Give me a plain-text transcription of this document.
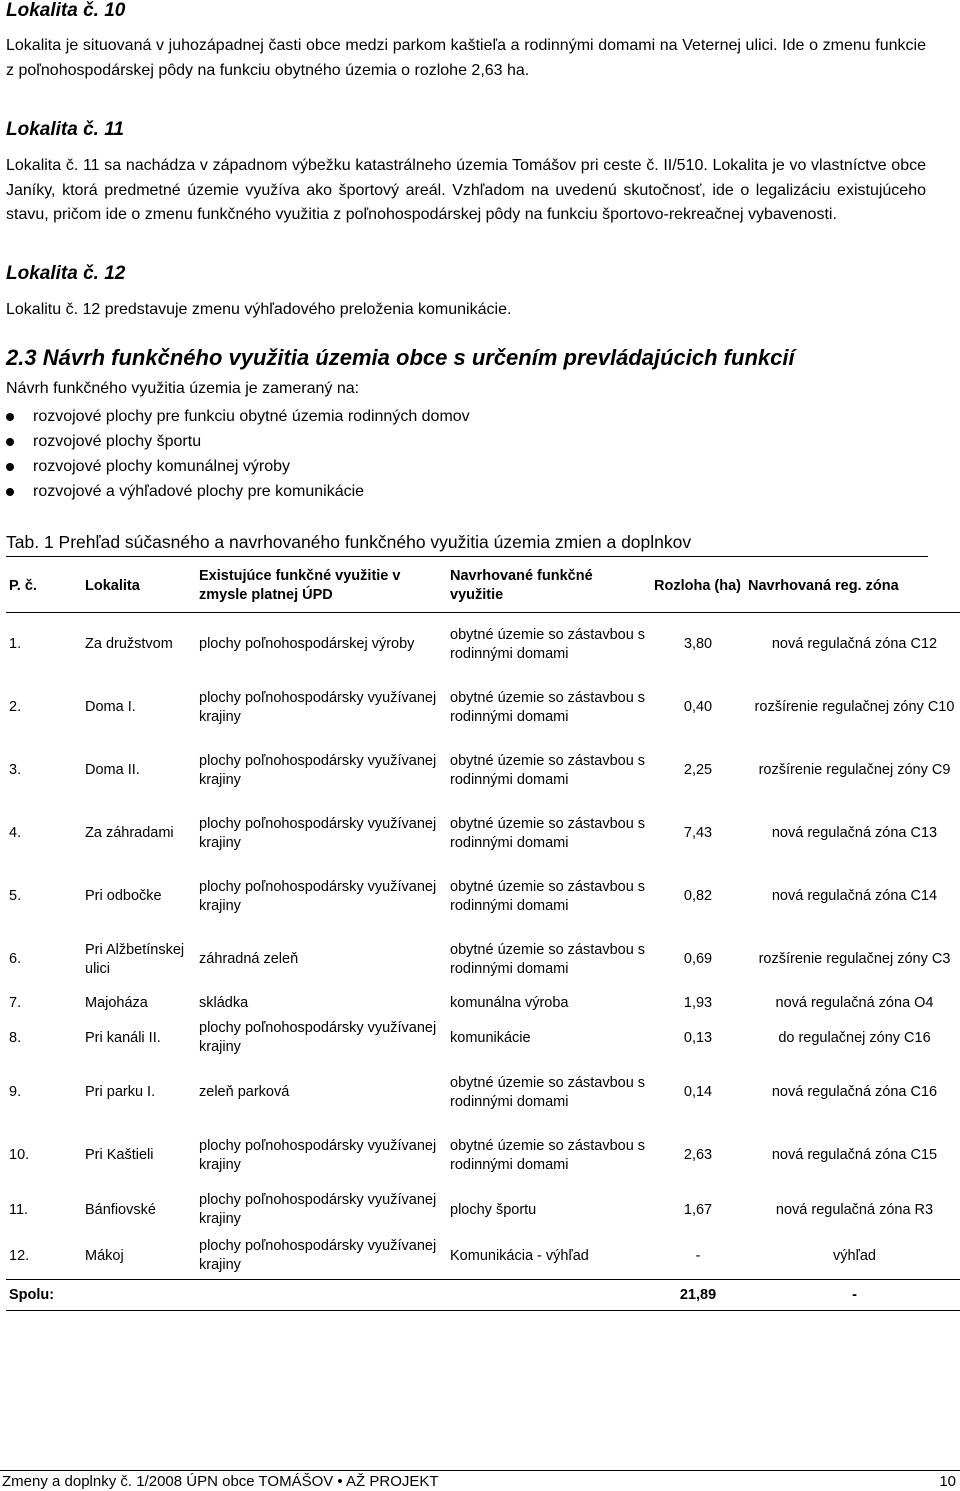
Lokalita č. 10
Lokalita je situovaná v juhozápadnej časti obce medzi parkom kaštieľa a rodinnými domami na Veternej ulici. Ide o zmenu funkcie z poľnohospodárskej pôdy na funkciu obytného územia o rozlohe 2,63 ha.
Lokalita č. 11
Lokalita č. 11 sa nachádza v západnom výbežku katastrálneho územia Tomášov pri ceste č. II/510. Lokalita je vo vlastníctve obce Janíky, ktorá predmetné územie využíva ako športový areál. Vzhľadom na uvedenú skutočnosť, ide o legalizáciu existujúceho stavu, pričom ide o zmenu funkčného využitia z poľnohospodárskej pôdy na funkciu športovo-rekreačnej vybavenosti.
Lokalita č. 12
Lokalitu č. 12 predstavuje zmenu výhľadového preloženia komunikácie.
2.3 Návrh funkčného využitia územia obce s určením prevládajúcich funkcií
Návrh funkčného využitia územia je zameraný na:
rozvojové plochy pre funkciu obytné územia rodinných domov
rozvojové plochy športu
rozvojové plochy komunálnej výroby
rozvojové a výhľadové plochy pre komunikácie
Tab. 1 Prehľad súčasného a navrhovaného funkčného využitia územia zmien a doplnkov
P. č.	Lokalita	Existujúce funkčné využitie v zmysle platnej ÚPD	Navrhované funkčné využitie	Rozloha (ha)	Navrhovaná reg. zóna
1.	Za družstvom	plochy poľnohospodárskej výroby	obytné územie so zástavbou s rodinnými domami	3,80	nová regulačná zóna C12
2.	Doma I.	plochy poľnohospodársky využívanej krajiny	obytné územie so zástavbou s rodinnými domami	0,40	rozšírenie regulačnej zóny C10
3.	Doma II.	plochy poľnohospodársky využívanej krajiny	obytné územie so zástavbou s rodinnými domami	2,25	rozšírenie regulačnej zóny C9
4.	Za záhradami	plochy poľnohospodársky využívanej krajiny	obytné územie so zástavbou s rodinnými domami	7,43	nová regulačná zóna C13
5.	Pri odbočke	plochy poľnohospodársky využívanej krajiny	obytné územie so zástavbou s rodinnými domami	0,82	nová regulačná zóna C14
6.	Pri Alžbetínskej ulici	záhradná zeleň	obytné územie so zástavbou s rodinnými domami	0,69	rozšírenie regulačnej zóny C3
7.	Majoháza	skládka	komunálna výroba	1,93	nová regulačná zóna O4
8.	Pri kanáli II.	plochy poľnohospodársky využívanej krajiny	komunikácie	0,13	do regulačnej zóny C16
9.	Pri parku I.	zeleň parková	obytné územie so zástavbou s rodinnými domami	0,14	nová regulačná zóna C16
10.	Pri Kaštieli	plochy poľnohospodársky využívanej krajiny	obytné územie so zástavbou s rodinnými domami	2,63	nová regulačná zóna C15
11.	Bánfiovské	plochy poľnohospodársky využívanej krajiny	plochy športu	1,67	nová regulačná zóna R3
12.	Mákoj	plochy poľnohospodársky využívanej krajiny	Komunikácia - výhľad	-	výhľad
Spolu:				21,89	-
Zmeny a doplnky č. 1/2008 ÚPN obce TOMÁŠOV • AŽ PROJEKT	10
